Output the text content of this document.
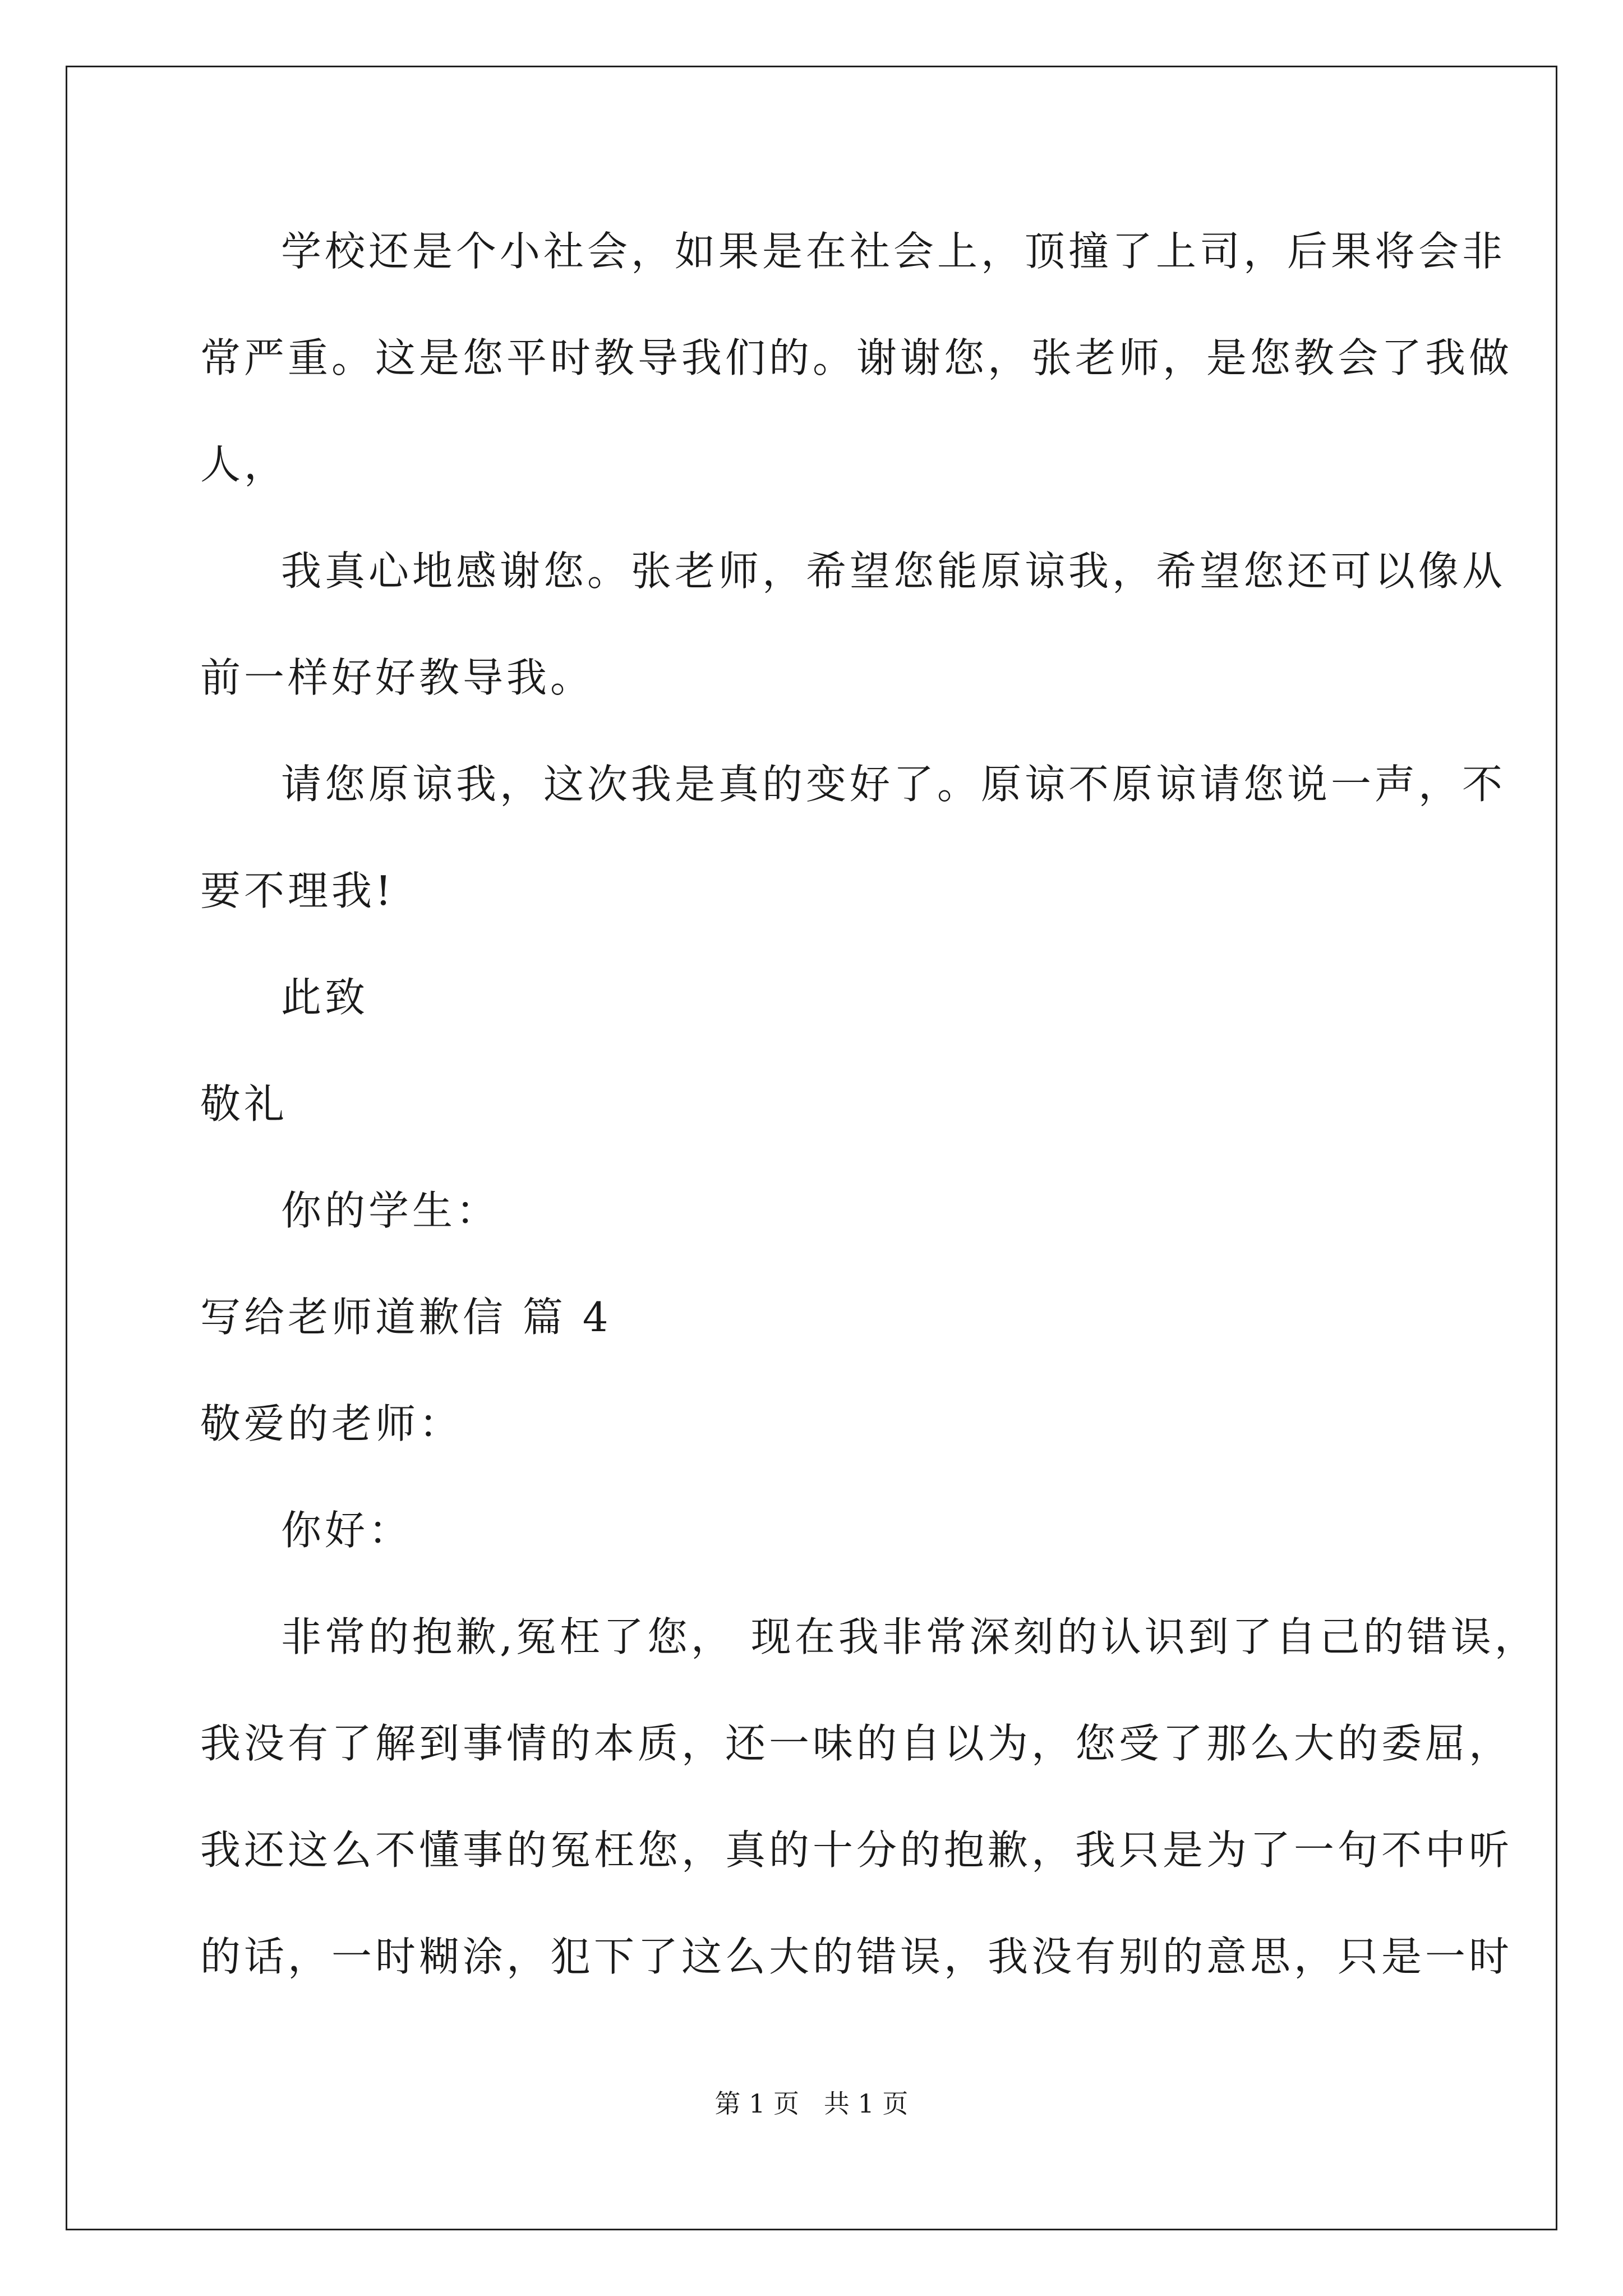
学校还是个小社会，如果是在社会上，顶撞了上司，后果将会非
常严重。这是您平时教导我们的。谢谢您，张老师，是您教会了我做
人，
我真心地感谢您。张老师，希望您能原谅我，希望您还可以像从
前一样好好教导我。
请您原谅我，这次我是真的变好了。原谅不原谅请您说一声，不
要不理我!
此致
敬礼
你的学生：
写给老师道歉信 篇 4
敬爱的老师：
你好：
非常的抱歉,冤枉了您， 现在我非常深刻的认识到了自己的错误，
我没有了解到事情的本质，还一味的自以为，您受了那么大的委屈，
我还这么不懂事的冤枉您，真的十分的抱歉，我只是为了一句不中听
的话，一时糊涂，犯下了这么大的错误，我没有别的意思，只是一时
第 1 页   共 1 页
